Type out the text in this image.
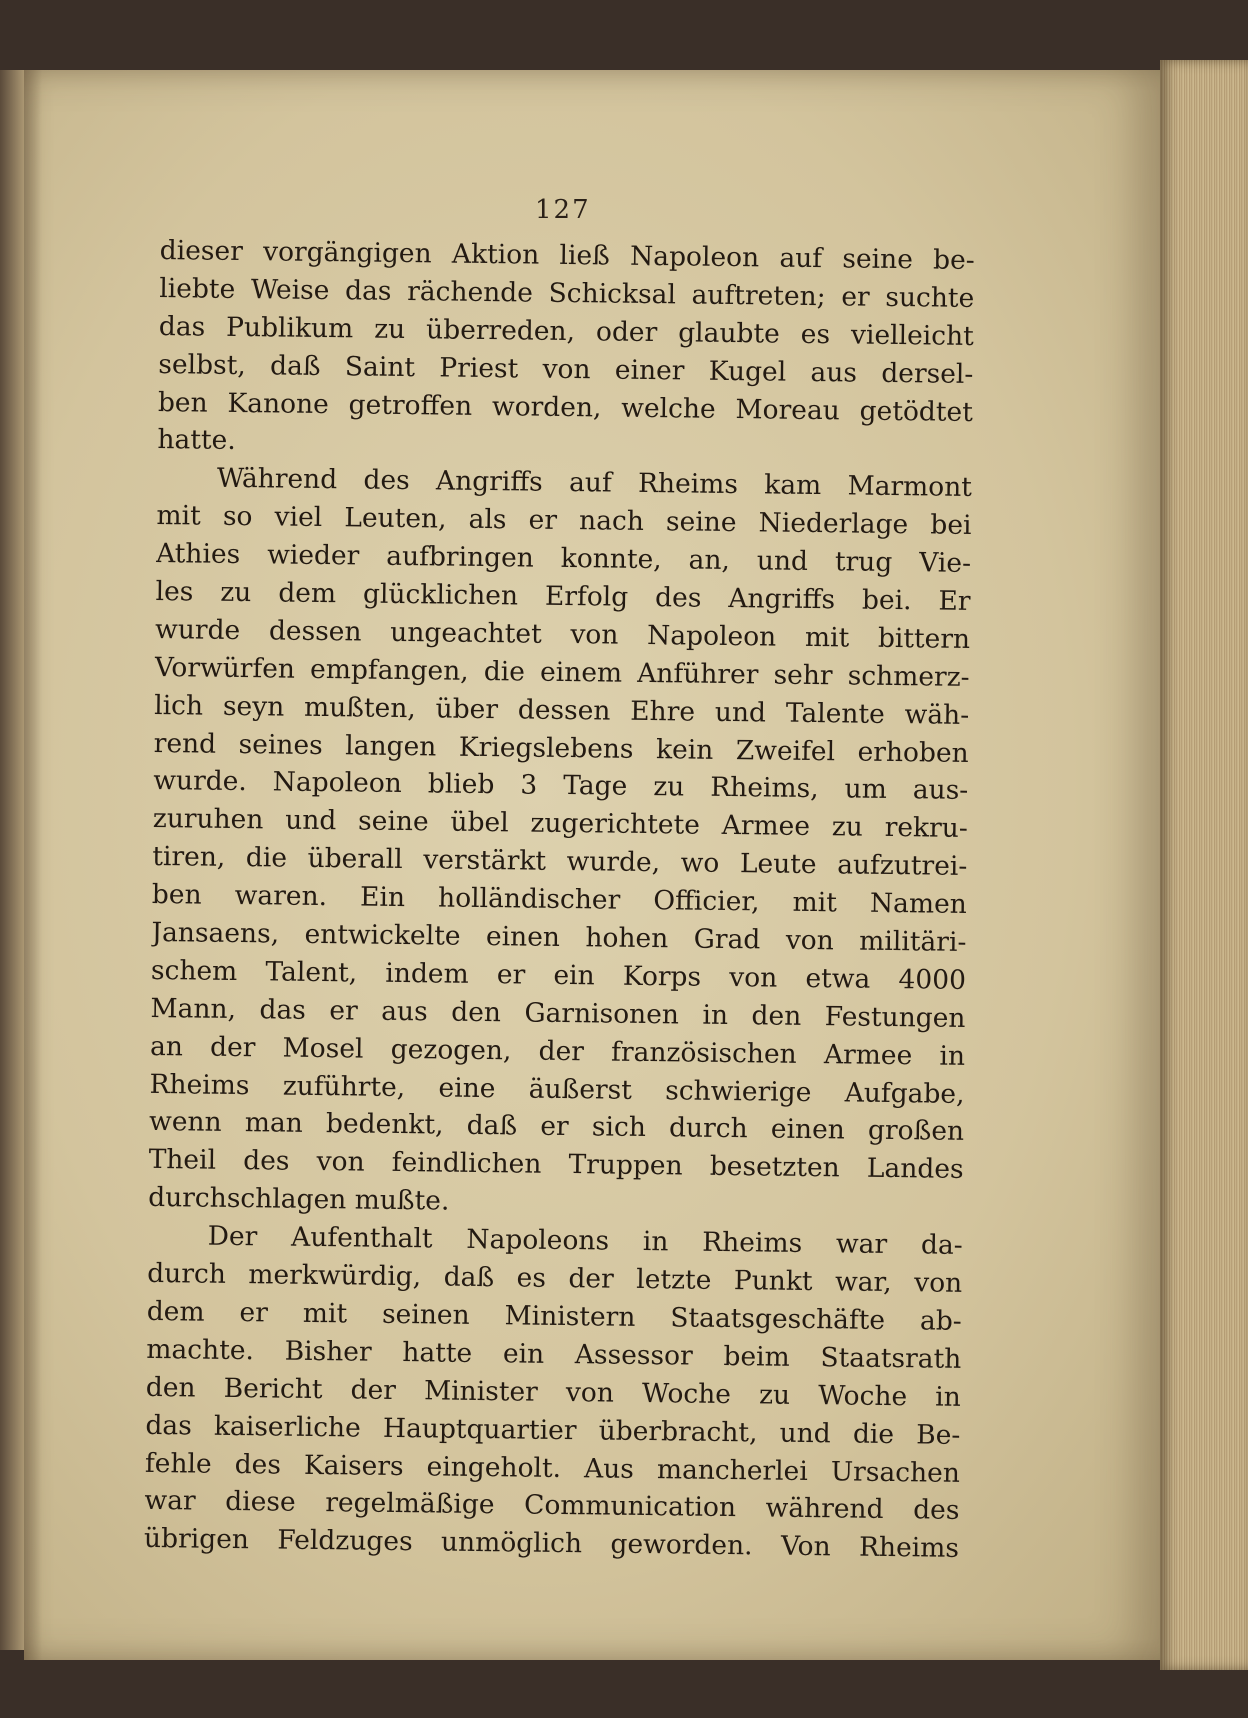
127
dieser vorgängigen Aktion ließ Napoleon auf seine be-
liebte Weise das rächende Schicksal auftreten; er suchte
das Publikum zu überreden, oder glaubte es vielleicht
selbst, daß Saint Priest von einer Kugel aus dersel-
ben Kanone getroffen worden, welche Moreau getödtet
hatte.
Während des Angriffs auf Rheims kam Marmont
mit so viel Leuten, als er nach seine Niederlage bei
Athies wieder aufbringen konnte, an, und trug Vie-
les zu dem glücklichen Erfolg des Angriffs bei. Er
wurde dessen ungeachtet von Napoleon mit bittern
Vorwürfen empfangen, die einem Anführer sehr schmerz-
lich seyn mußten, über dessen Ehre und Talente wäh-
rend seines langen Kriegslebens kein Zweifel erhoben
wurde. Napoleon blieb 3 Tage zu Rheims, um aus-
zuruhen und seine übel zugerichtete Armee zu rekru-
tiren, die überall verstärkt wurde, wo Leute aufzutrei-
ben waren. Ein holländischer Officier, mit Namen
Jansaens, entwickelte einen hohen Grad von militäri-
schem Talent, indem er ein Korps von etwa 4000
Mann, das er aus den Garnisonen in den Festungen
an der Mosel gezogen, der französischen Armee in
Rheims zuführte, eine äußerst schwierige Aufgabe,
wenn man bedenkt, daß er sich durch einen großen
Theil des von feindlichen Truppen besetzten Landes
durchschlagen mußte.
Der Aufenthalt Napoleons in Rheims war da-
durch merkwürdig, daß es der letzte Punkt war, von
dem er mit seinen Ministern Staatsgeschäfte ab-
machte. Bisher hatte ein Assessor beim Staatsrath
den Bericht der Minister von Woche zu Woche in
das kaiserliche Hauptquartier überbracht, und die Be-
fehle des Kaisers eingeholt. Aus mancherlei Ursachen
war diese regelmäßige Communication während des
übrigen Feldzuges unmöglich geworden. Von Rheims
